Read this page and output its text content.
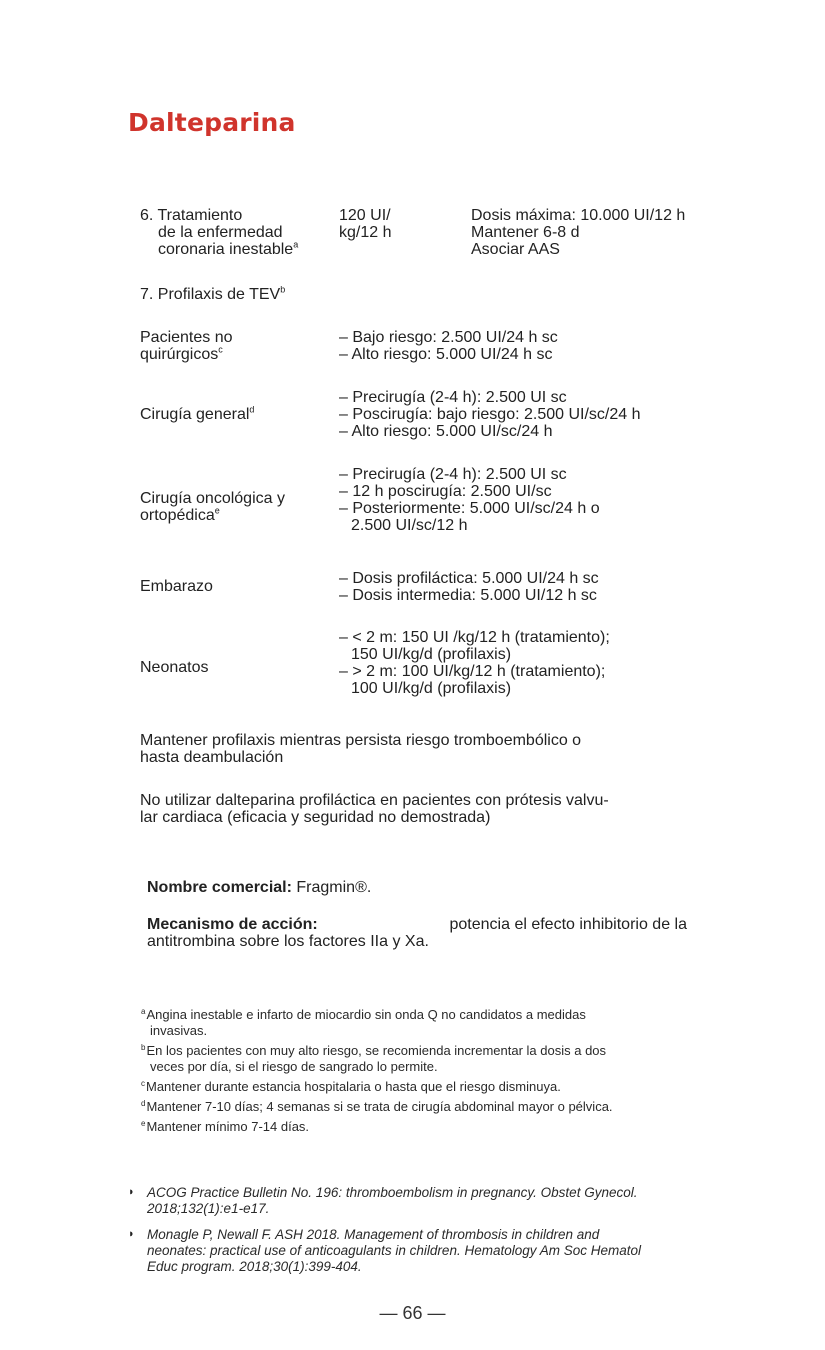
Dalteparina
6. Tratamiento
de la enfermedad
coronaria inestable$^a$
120 UI/
kg/12 h
Dosis máxima: 10.000 UI/12 h
Mantener 6-8 d
Asociar AAS
7. Profilaxis de TEV$^b$
Pacientes no
quirúrgicos$^c$
– Bajo riesgo: 2.500 UI/24 h sc
– Alto riesgo: 5.000 UI/24 h sc
Cirugía general$^d$
– Precirugía (2-4 h): 2.500 UI sc
– Poscirugía: bajo riesgo: 2.500 UI/sc/24 h
– Alto riesgo: 5.000 UI/sc/24 h
Cirugía oncológica y
ortopédica$^e$
– Precirugía (2-4 h): 2.500 UI sc
– 12 h poscirugía: 2.500 UI/sc
– Posteriormente: 5.000 UI/sc/24 h o
2.500 UI/sc/12 h
Embarazo	– Dosis profiláctica: 5.000 UI/24 h sc
– Dosis intermedia: 5.000 UI/12 h sc
Neonatos
– < 2 m: 150 UI /kg/12 h (tratamiento);
150 UI/kg/d (profilaxis)
– > 2 m: 100 UI/kg/12 h (tratamiento);
100 UI/kg/d (profilaxis)
Mantener profilaxis mientras persista riesgo tromboembólico o
hasta deambulación
No utilizar dalteparina profiláctica en pacientes con prótesis valvu-
lar cardiaca (eficacia y seguridad no demostrada)
Nombre comercial: Fragmin®.
Mecanismo de acción:	potencia el efecto inhibitorio de la
antitrombina sobre los factores IIa y Xa.
$^a$Angina inestable e infarto de miocardio sin onda Q no candidatos a medidas
invasivas.
$^b$En los pacientes con muy alto riesgo, se recomienda incrementar la dosis a dos
veces por día, si el riesgo de sangrado lo permite.
$^c$Mantener durante estancia hospitalaria o hasta que el riesgo disminuya.
$^d$Mantener 7-10 días; 4 semanas si se trata de cirugía abdominal mayor o pélvica.
$^e$Mantener mínimo 7-14 días.
◗ ACOG Practice Bulletin No. 196: thromboembolism in pregnancy. Obstet Gynecol.
2018;132(1):e1-e17.
◗ Monagle P, Newall F. ASH 2018. Management of thrombosis in children and
neonates: practical use of anticoagulants in children. Hematology Am Soc Hematol
Educ program. 2018;30(1):399-404.
— 66 —
